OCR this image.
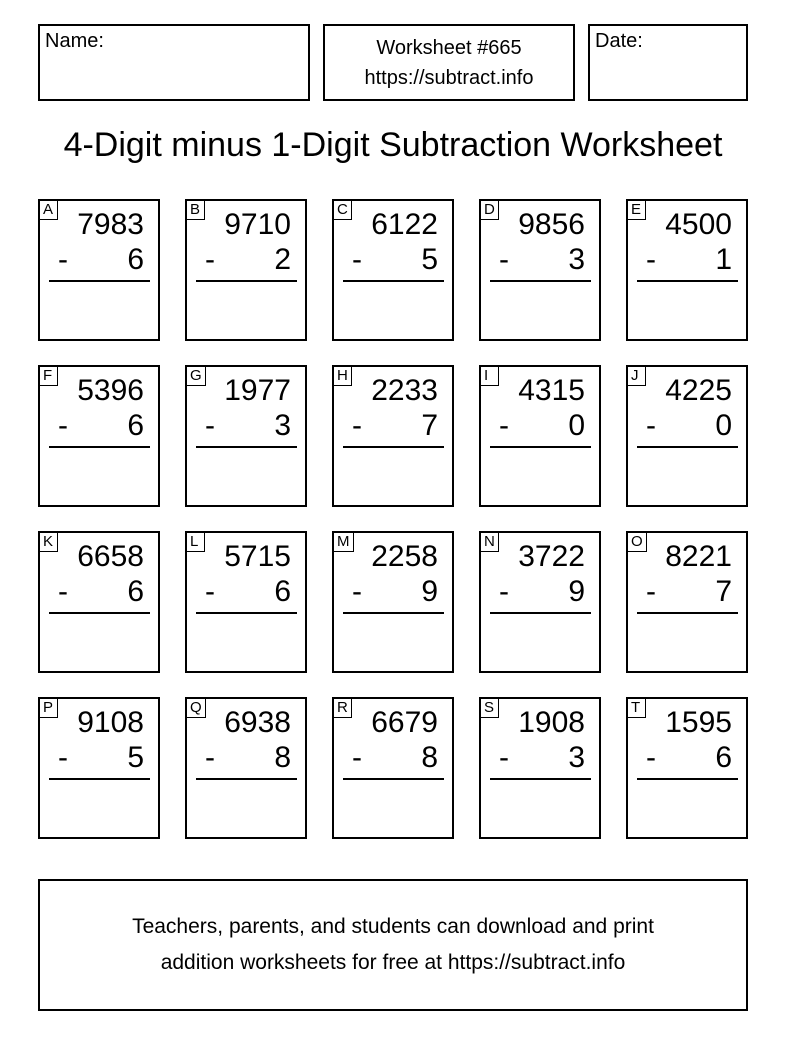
Name:	Worksheet #665
https://subtract.info
Date:
4-Digit minus 1-Digit Subtraction Worksheet
A 7983
- 6
B 9710
- 2
C 6122
- 5
D 9856
- 3
E 4500
- 1
F 5396
- 6
G 1977
- 3
H 2233
- 7
I	4315
- 0
J 4225
- 0
K 6658
- 6
L 5715
- 6
M 2258
- 9
N 3722
- 9
O 8221
- 7
P 9108
- 5
Q 6938
- 8
R 6679
- 8
S 1908
- 3
T 1595
- 6
Teachers, parents, and students can download and print
addition worksheets for free at https://subtract.info
